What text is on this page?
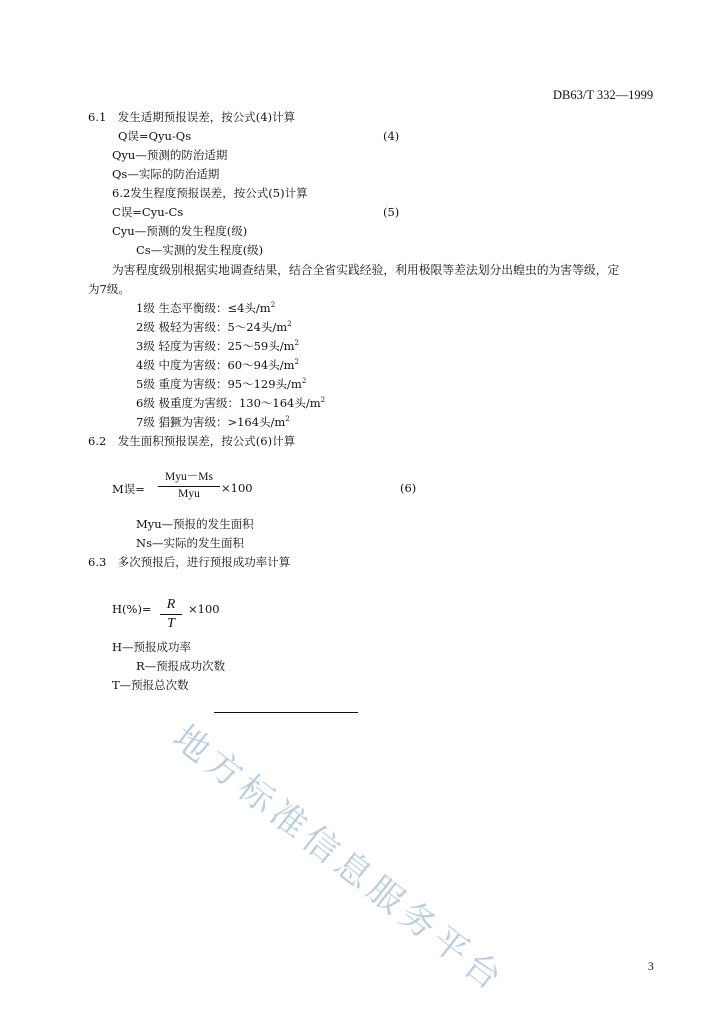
地方标准信息服务平台
DB63/T 332—1999
6.1　发生适期预报误差，按公式(4)计算
Q误=Qyu-Qs	(4)
Qyu—预测的防治适期
Qs—实际的防治适期
6.2发生程度预报误差，按公式(5)计算
C误=Cyu-Cs	(5)
Cyu—预测的发生程度(级)
Cs—实测的发生程度(级)
为害程度级别根据实地调查结果，结合全省实践经验，利用极限等差法划分出蝗虫的为害等级，定
为7级。
1级 生态平衡级：≤4头$/m^2$
2级 极轻为害级：5～24头$/m^2$
3级 轻度为害级：25～59头$/m^2$
4级 中度为害级：60～94头$/m^2$
5级 重度为害级：95～129头$/m^2$
6级 极重度为害级：130～164头$/m^2$
7级 猖獗为害级：>164头$/m^2$
6.2　发生面积预报误差，按公式(6)计算
M误=
Myu－Ms
Myu	×100	(6)
Myu—预报的发生面积
Ns—实际的发生面积
6.3　多次预报后，进行预报成功率计算
H(%)=	R
T
×100
H—预报成功率
R—预报成功次数
T—预报总次数
3
